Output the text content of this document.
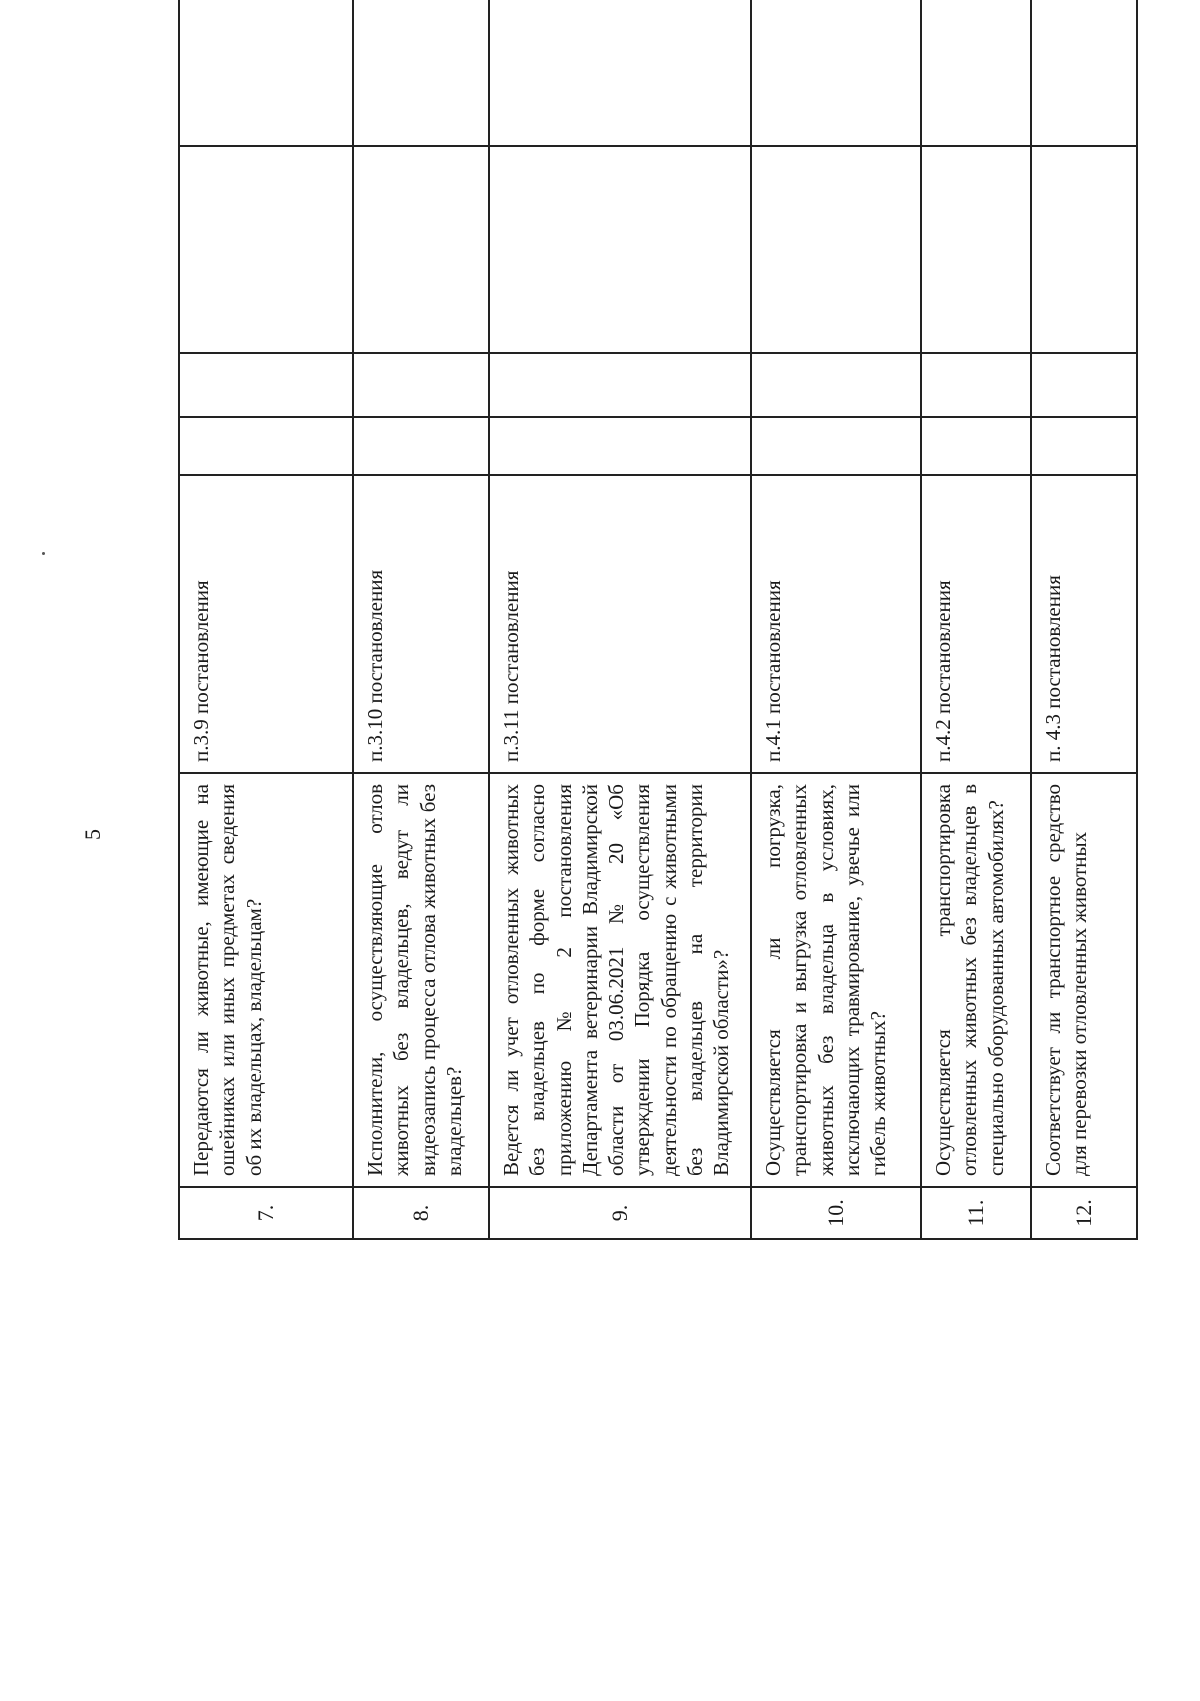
5
7.	Передаются ли животные, имеющие на ошейниках или иных предметах сведения об их владельцах, владельцам?	п.3.9 постановления				
8.	Исполнители, осуществляющие отлов животных без владельцев, ведут ли видеозапись процесса отлова животных без владельцев?	п.3.10 постановления				
9.	Ведется ли учет отловленных животных без владельцев по форме согласно приложению № 2 постановления Департамента ветеринарии Владимирской области от 03.06.2021 № 20 «Об утверждении Порядка осуществления деятельности по обращению с животными без владельцев на территории Владимирской области»?	п.3.11 постановления				
10.	Осуществляется ли погрузка, транспортировка и выгрузка отловленных животных без владельца в условиях, исключающих травмирование, увечье или гибель животных?	п.4.1 постановления				
11.	Осуществляется транспортировка отловленных животных без владельцев в специально оборудованных автомобилях?	п.4.2 постановления				
12.	Соответствует ли транспортное средство для перевозки отловленных животных	п. 4.3 постановления				
